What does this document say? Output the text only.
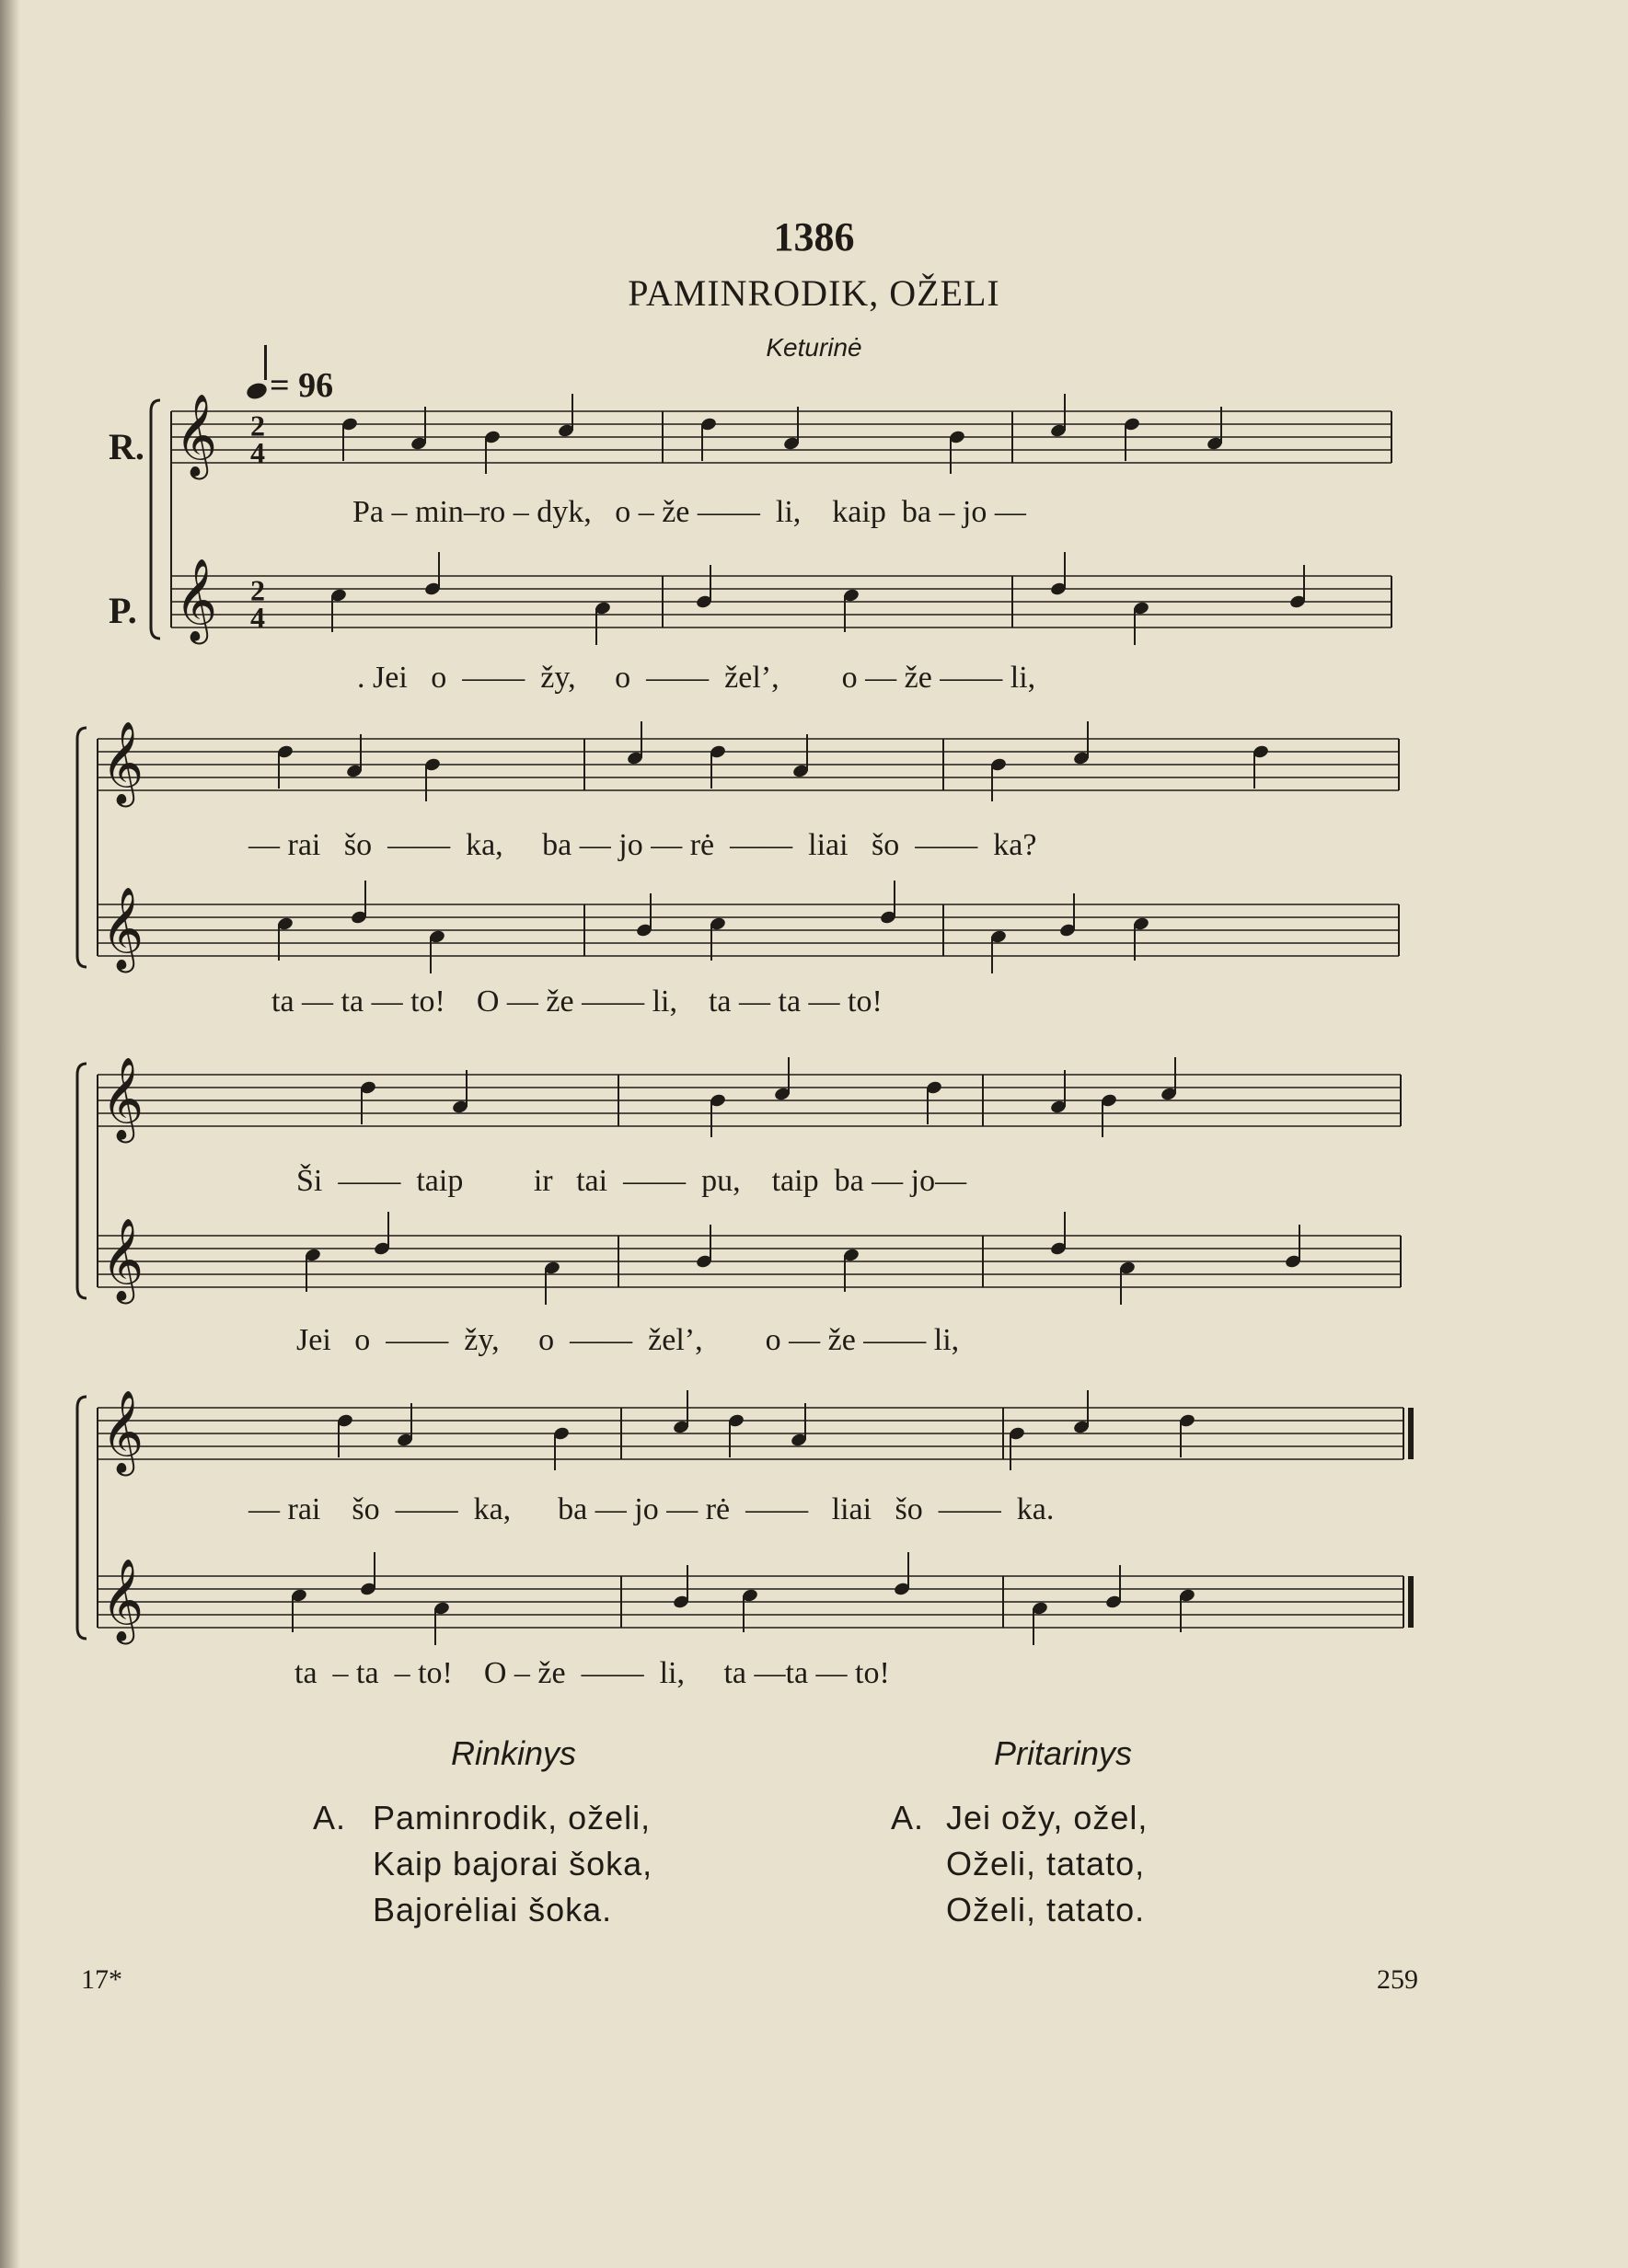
1386
PAMINRODIK, OŽELI
Keturinė
= 96
R.
P.
𝄞 2
4
𝄞 2
4
𝄞
𝄞
𝄞
𝄞
𝄞
𝄞
Pa – min–ro – dyk,   o – že ——  li,    kaip  ba – jo —
. Jei   o  ——  žy,     o  ——  žel’,        o — že —— li,
— rai   šo  ——  ka,     ba — jo — rė  ——  liai   šo  ——  ka?
ta — ta — to!    O — že —— li,    ta — ta — to!
Ši  ——  taip         ir   tai  ——  pu,    taip  ba — jo—
Jei   o  ——  žy,     o  ——  žel’,        o — že —— li,
— rai    šo  ——  ka,      ba — jo — rė  ——   liai   šo  ——  ka.
ta  – ta  – to!    O – že  ——  li,     ta —ta — to!
Rinkinys	Pritarinys
A. Paminrodik, oželi,
Kaip bajorai šoka,
Bajorėliai šoka.
A. Jei ožy, ožel,
Oželi, tatato,
Oželi, tatato.
17*	259
